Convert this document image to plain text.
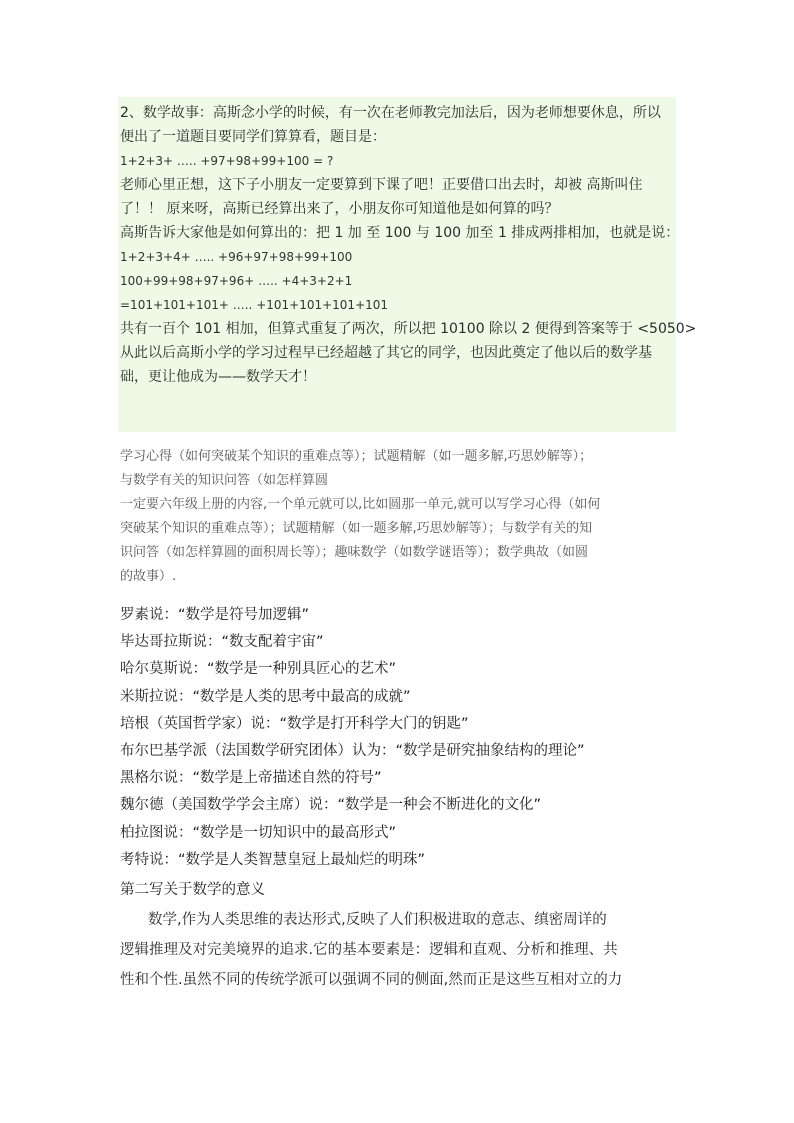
2、数学故事：高斯念小学的时候，有一次在老师教完加法后，因为老师想要休息，所以
便出了一道题目要同学们算算看，题目是：
1+2+3+ ….. +97+98+99+100 = ?
老师心里正想，这下子小朋友一定要算到下课了吧！正要借口出去时，却被 高斯叫住
了！！ 原来呀，高斯已经算出来了，小朋友你可知道他是如何算的吗？
高斯告诉大家他是如何算出的：把 1 加 至 100 与 100 加至 1 排成两排相加，也就是说：
1+2+3+4+ ….. +96+97+98+99+100
100+99+98+97+96+ ….. +4+3+2+1
=101+101+101+ ….. +101+101+101+101
共有一百个 101 相加，但算式重复了两次，所以把 10100 除以 2 便得到答案等于 <5050>
从此以后高斯小学的学习过程早已经超越了其它的同学，也因此奠定了他以后的数学基
础，更让他成为——数学天才！
学习心得（如何突破某个知识的重难点等）；试题精解（如一题多解,巧思妙解等）；
与数学有关的知识问答（如怎样算圆
一定要六年级上册的内容,一个单元就可以,比如圆那一单元,就可以写学习心得（如何
突破某个知识的重难点等）；试题精解（如一题多解,巧思妙解等）；与数学有关的知
识问答（如怎样算圆的面积周长等）；趣味数学（如数学谜语等）；数学典故（如圆
的故事）.
罗素说：“数学是符号加逻辑”
毕达哥拉斯说：“数支配着宇宙”
哈尔莫斯说：“数学是一种别具匠心的艺术”
米斯拉说：“数学是人类的思考中最高的成就”
培根（英国哲学家）说：“数学是打开科学大门的钥匙”
布尔巴基学派（法国数学研究团体）认为：“数学是研究抽象结构的理论”
黑格尔说：“数学是上帝描述自然的符号”
魏尔德（美国数学学会主席）说：“数学是一种会不断进化的文化”
柏拉图说：“数学是一切知识中的最高形式”
考特说：“数学是人类智慧皇冠上最灿烂的明珠”
第二写关于数学的意义
数学,作为人类思维的表达形式,反映了人们积极进取的意志、缜密周详的
逻辑推理及对完美境界的追求.它的基本要素是：逻辑和直观、分析和推理、共
性和个性.虽然不同的传统学派可以强调不同的侧面,然而正是这些互相对立的力
